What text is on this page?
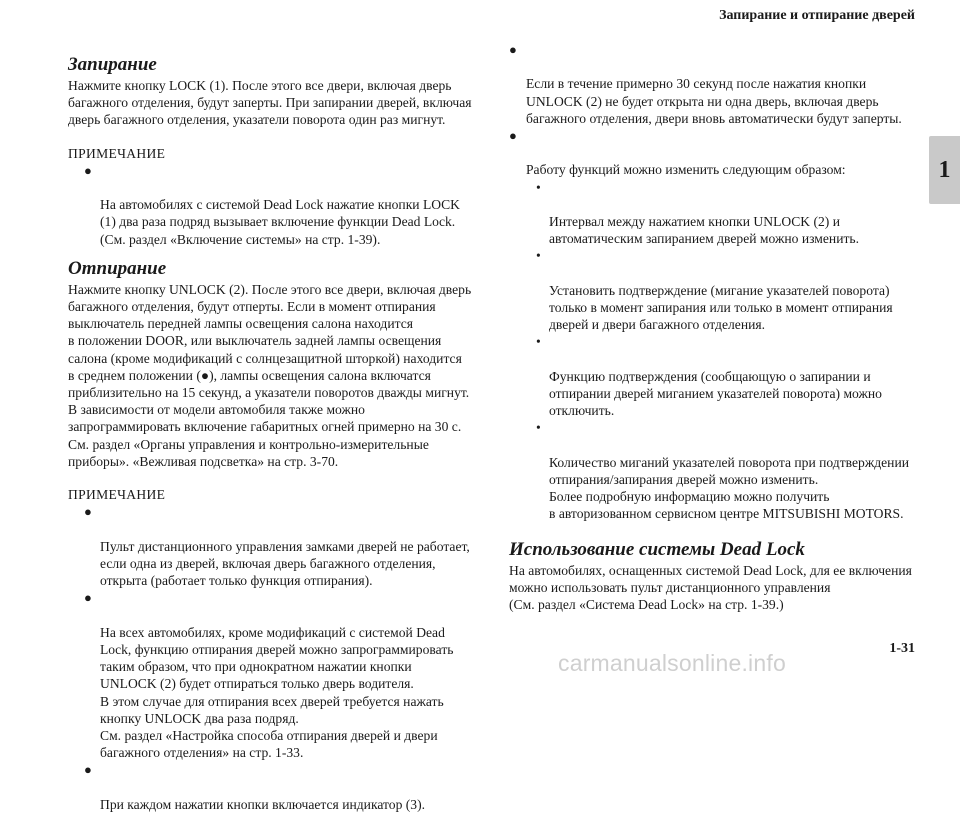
Запирание и отпирание дверей
1
Запирание

Нажмите кнопку LOCK (1). После этого все двери, включая дверь
багажного отделения, будут заперты. При запирании дверей, включая
дверь багажного отделения, указатели поворота один раз мигнут.

ПРИМЕЧАНИЕ

●

На автомобилях с системой Dead Lock нажатие кнопки LOCK
(1) два раза подряд вызывает включение функции Dead Lock.
(См. раздел «Включение системы» на стр. 1-39).

Отпирание

Нажмите кнопку UNLOCK (2). После этого все двери, включая дверь
багажного отделения, будут отперты. Если в момент отпирания
выключатель передней лампы освещения салона находится
в положении DOOR, или выключатель задней лампы освещения
салона (кроме модификаций с солнцезащитной шторкой) находится
в среднем положении (●), лампы освещения салона включатся
приблизительно на 15 секунд, а указатели поворотов дважды мигнут.
В зависимости от модели автомобиля также можно
запрограммировать включение габаритных огней примерно на 30 с.
См. раздел «Органы управления и контрольно-измерительные
приборы». «Вежливая подсветка» на стр. 3-70.

ПРИМЕЧАНИЕ

●

Пульт дистанционного управления замками дверей не работает,
если одна из дверей, включая дверь багажного отделения,
открыта (работает только функция отпирания).

●

На всех автомобилях, кроме модификаций с системой Dead
Lock, функцию отпирания дверей можно запрограммировать
таким образом, что при однократном нажатии кнопки
UNLOCK (2) будет отпираться только дверь водителя.
В этом случае для отпирания всех дверей требуется нажать
кнопку UNLOCK два раза подряд.
См. раздел «Настройка способа отпирания дверей и двери
багажного отделения» на стр. 1-33.

●

При каждом нажатии кнопки включается индикатор (3).

●

Если в течение примерно 30 секунд после нажатия кнопки
UNLOCK (2) не будет открыта ни одна дверь, включая дверь
багажного отделения, двери вновь автоматически будут заперты.

●

Работу функций можно изменить следующим образом:

•

Интервал между нажатием кнопки UNLOCK (2) и
автоматическим запиранием дверей можно изменить.

•

Установить подтверждение (мигание указателей поворота)
только в момент запирания или только в момент отпирания
дверей и двери багажного отделения.

•

Функцию подтверждения (сообщающую о запирании и
отпирании дверей миганием указателей поворота) можно
отключить.

•

Количество миганий указателей поворота при подтверждении
отпирания/запирания дверей можно изменить.
Более подробную информацию можно получить
в авторизованном сервисном центре MITSUBISHI MOTORS.

Использование системы Dead Lock

На автомобилях, оснащенных системой Dead Lock, для ее включения
можно использовать пульт дистанционного управления
(См. раздел «Система Dead Lock» на стр. 1-39.)

1-31
carmanualsonline.info
